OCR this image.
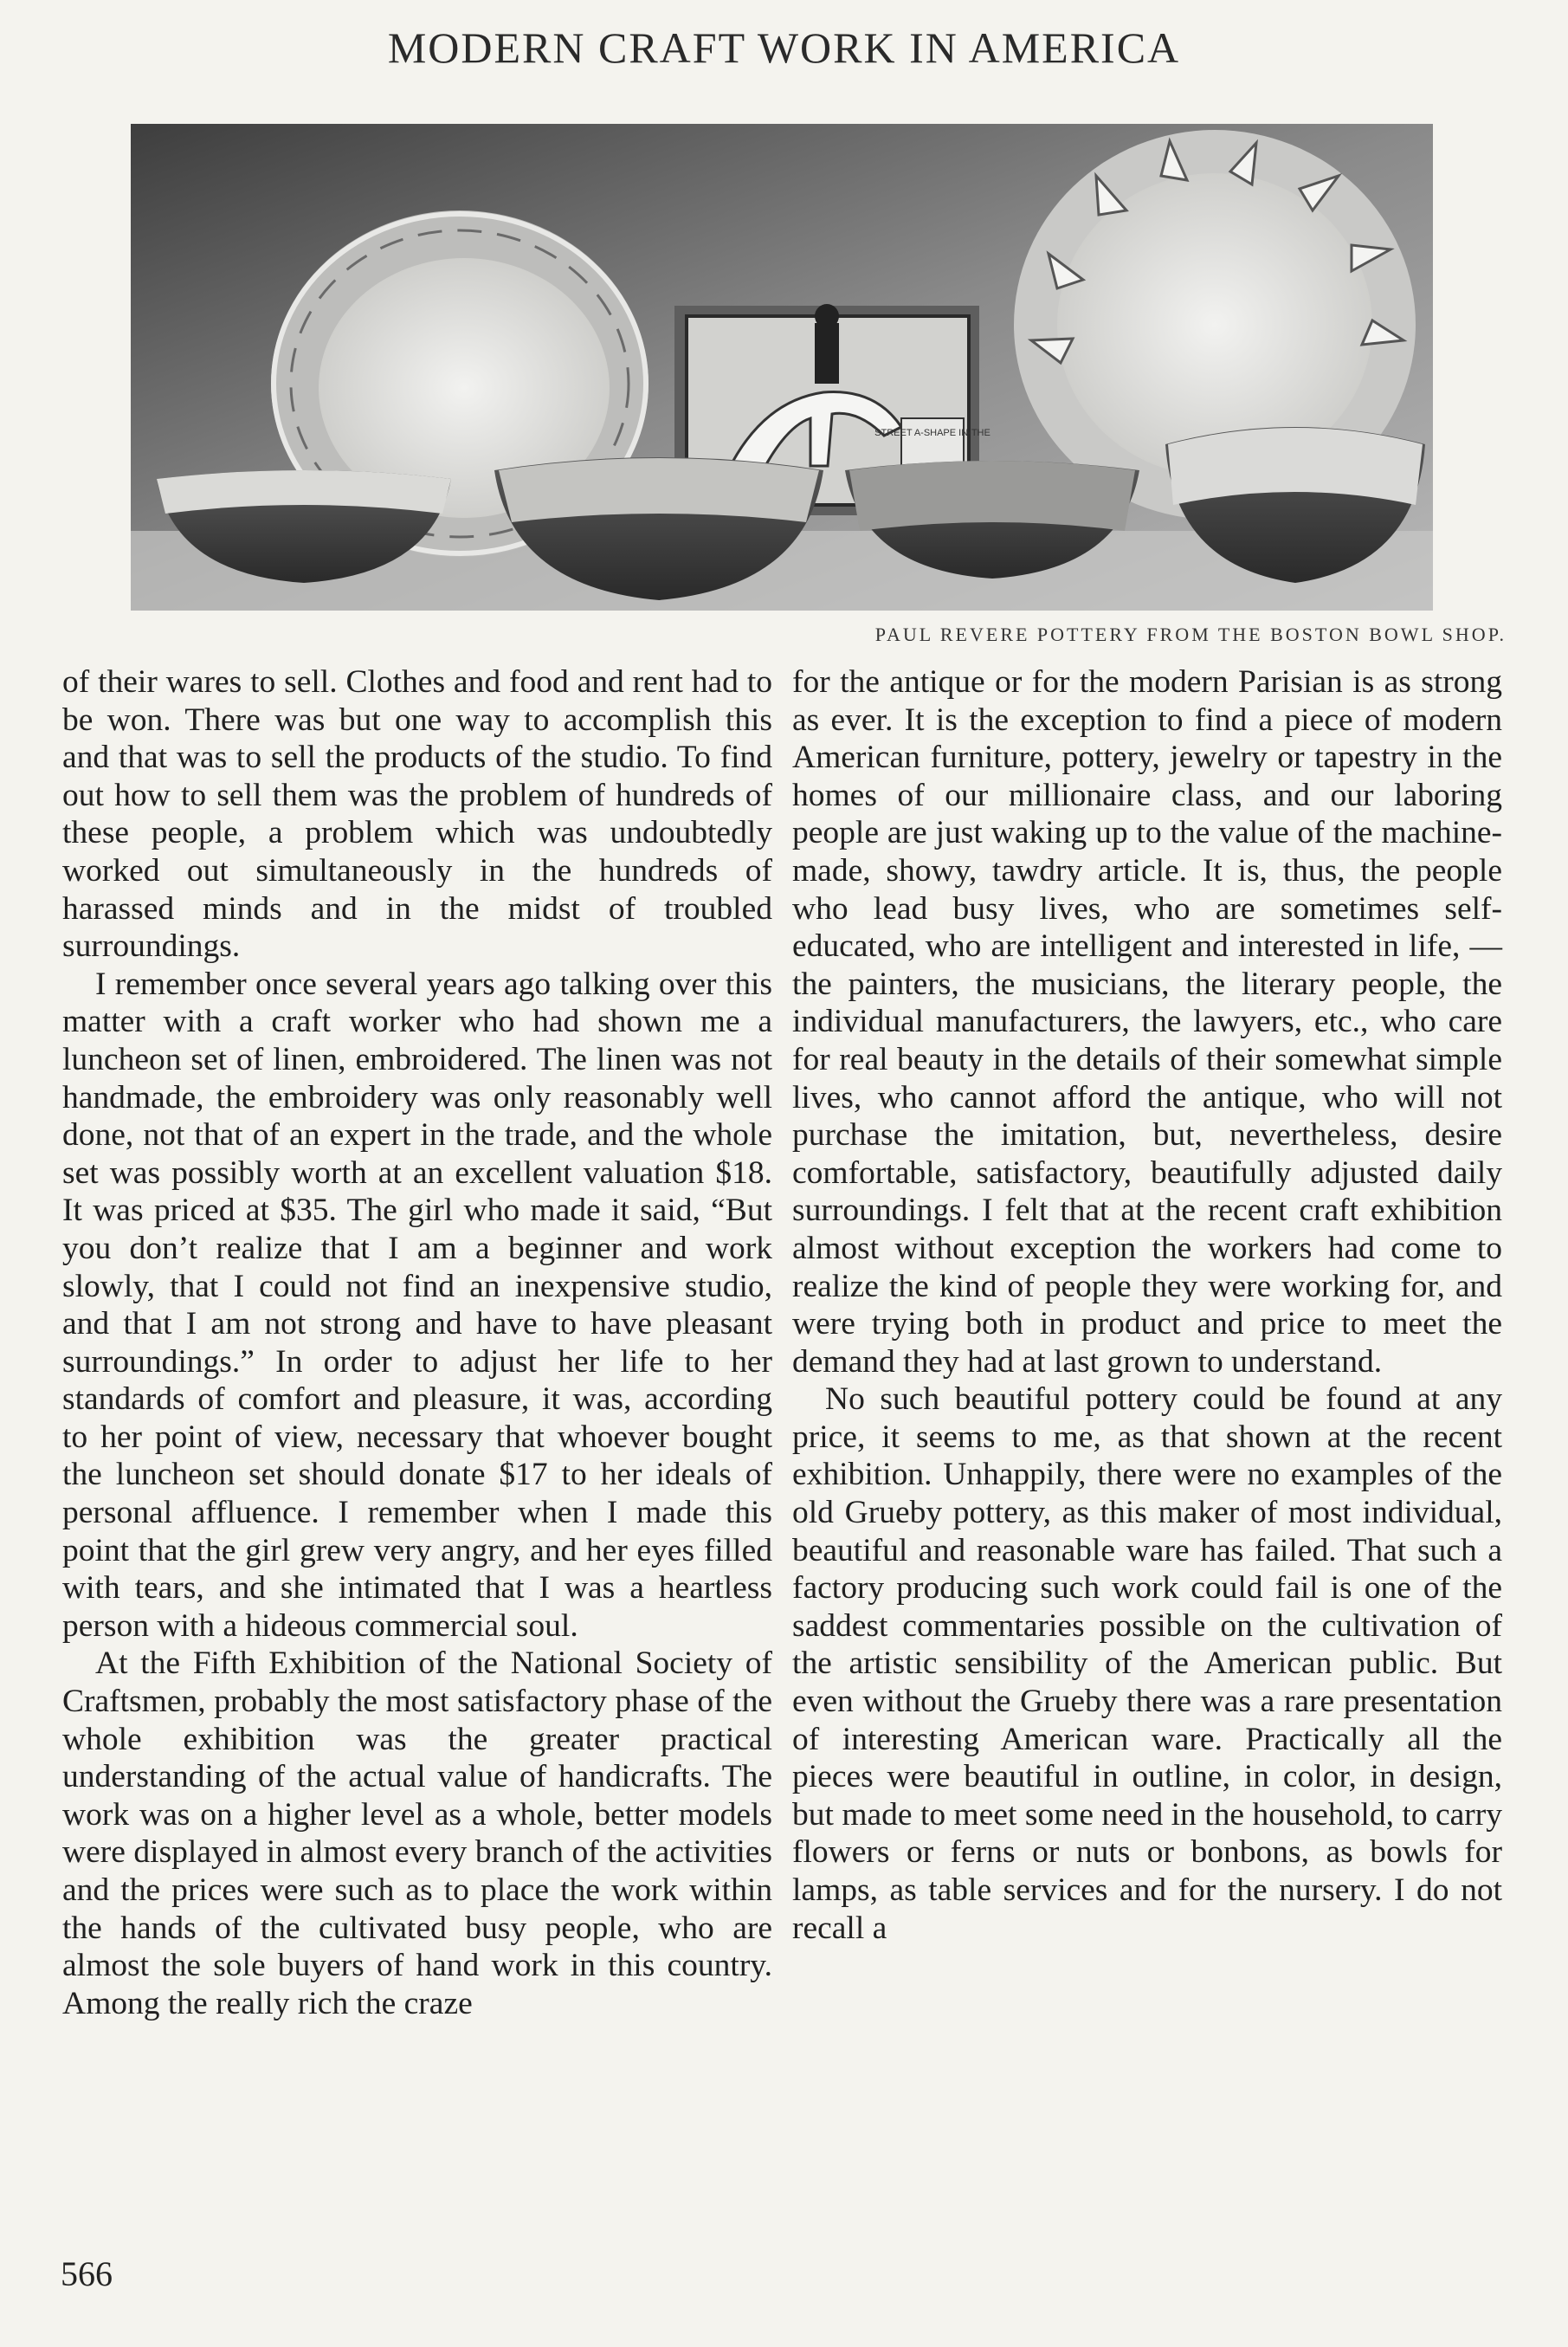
MODERN CRAFT WORK IN AMERICA
STREET A-SHAPE IN-THE
PAUL REVERE POTTERY FROM THE BOSTON BOWL SHOP.

of their wares to sell. Clothes and food and rent had to be won. There was but one way to accomplish this and that was to sell the products of the studio. To find out how to sell them was the problem of hundreds of these people, a problem which was undoubtedly worked out simultaneously in the hundreds of harassed minds and in the midst of troubled surroundings.

I remember once several years ago talking over this matter with a craft worker who had shown me a luncheon set of linen, embroidered. The linen was not handmade, the embroidery was only reasonably well done, not that of an expert in the trade, and the whole set was possibly worth at an excellent valuation $18. It was priced at $35. The girl who made it said, “But you don’t realize that I am a beginner and work slowly, that I could not find an inexpensive studio, and that I am not strong and have to have pleasant surroundings.” In order to adjust her life to her standards of comfort and pleasure, it was, according to her point of view, necessary that whoever bought the luncheon set should donate $17 to her ideals of personal affluence. I remember when I made this point that the girl grew very angry, and her eyes filled with tears, and she intimated that I was a heartless person with a hideous commercial soul.

At the Fifth Exhibition of the National Society of Craftsmen, probably the most satisfactory phase of the whole exhibition was the greater practical understanding of the actual value of handicrafts. The work was on a higher level as a whole, better models were displayed in almost every branch of the activities and the prices were such as to place the work within the hands of the cultivated busy people, who are almost the sole buyers of hand work in this country. Among the really rich the craze

for the antique or for the modern Parisian is as strong as ever. It is the exception to find a piece of modern American furniture, pottery, jewelry or tapestry in the homes of our millionaire class, and our laboring people are just waking up to the value of the machine-made, showy, tawdry article. It is, thus, the people who lead busy lives, who are sometimes self-educated, who are intelligent and interested in life, —the painters, the musicians, the literary people, the individual manufacturers, the lawyers, etc., who care for real beauty in the details of their somewhat simple lives, who cannot afford the antique, who will not purchase the imitation, but, nevertheless, desire comfortable, satisfactory, beautifully adjusted daily surroundings. I felt that at the recent craft exhibition almost without exception the workers had come to realize the kind of people they were working for, and were trying both in product and price to meet the demand they had at last grown to understand.

No such beautiful pottery could be found at any price, it seems to me, as that shown at the recent exhibition. Unhappily, there were no examples of the old Grueby pottery, as this maker of most individual, beautiful and reasonable ware has failed. That such a factory producing such work could fail is one of the saddest commentaries possible on the cultivation of the artistic sensibility of the American public. But even without the Grueby there was a rare presentation of interesting American ware. Practically all the pieces were beautiful in outline, in color, in design, but made to meet some need in the household, to carry flowers or ferns or nuts or bonbons, as bowls for lamps, as table services and for the nursery. I do not recall a

566
